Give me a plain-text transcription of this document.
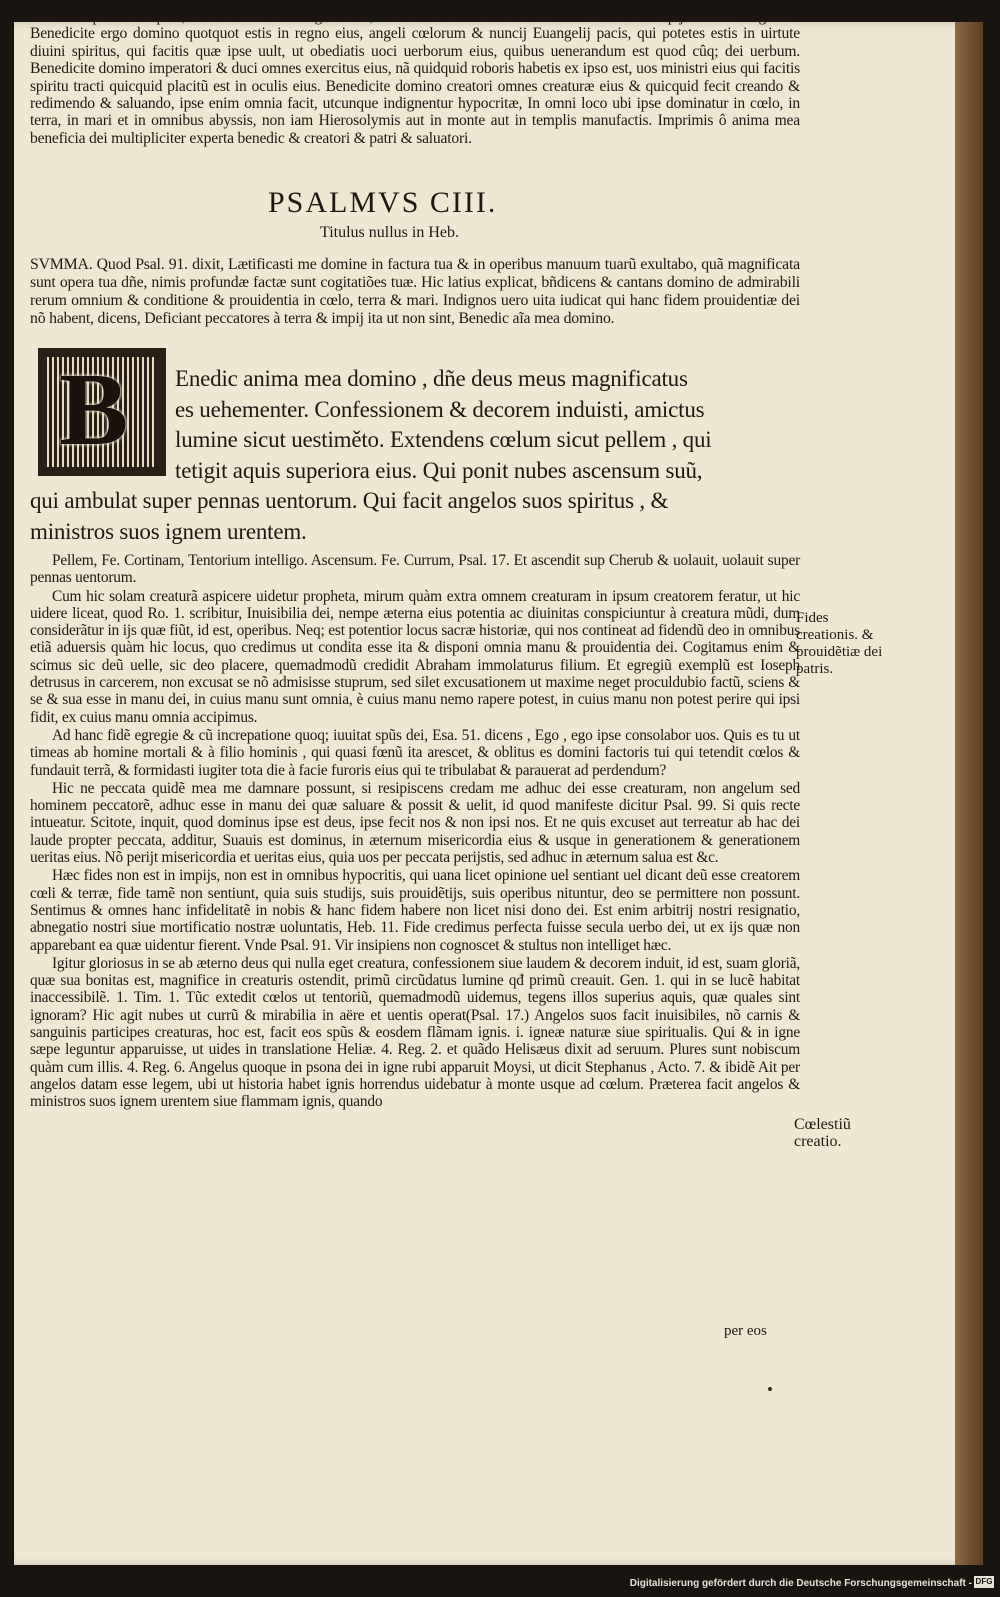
omnes & pios & impios, illos ut iustificet & glorificet, hos ut excæcet & condemnet. Velint nolint impij dominus regnauit. Benedicite ergo domino quotquot estis in regno eius, angeli cœlorum & nuncij Euangelij pacis, qui potetes estis in uirtute diuini spiritus, qui facitis quæ ipse uult, ut obediatis uoci uerborum eius, quibus uenerandum est quod cûq; dei uerbum. Benedicite domino imperatori & duci omnes exercitus eius, nã quidquid roboris habetis ex ipso est, uos ministri eius qui facitis spiritu tracti quicquid placitũ est in oculis eius. Benedicite domino creatori omnes creaturæ eius & quicquid fecit creando & redimendo & saluando, ipse enim omnia facit, utcunque indignentur hypocritæ, In omni loco ubi ipse dominatur in cœlo, in terra, in mari et in omnibus abyssis, non iam Hierosolymis aut in monte aut in templis manufactis. Imprimis ô anima mea beneficia dei multipliciter experta benedic & creatori & patri & saluatori.
PSALMVS CIII.
Titulus nullus in Heb.
SVMMA. Quod Psal. 91. dixit, Lætificasti me domine in factura tua & in operibus manuum tuarũ exultabo, quã magnificata sunt opera tua dñe, nimis profundæ factæ sunt cogitatiões tuæ. Hic latius explicat, bñdicens & cantans domino de admirabili rerum omnium & conditione & prouidentia in cœlo, terra & mari. Indignos uero uita iudicat qui hanc fidem prouidentiæ dei nõ habent, dicens, Deficiant peccatores à terra & impij ita ut non sint, Benedic aĩa mea domino.
B	Enedic anima mea domino , dñe deus meus magnificatus
es uehementer. Confessionem & decorem induisti, amictus
lumine sicut uestiměto. Extendens cœlum sicut pellem , qui
tetigit aquis superiora eius. Qui ponit nubes ascensum suũ,
qui ambulat super pennas uentorum. Qui facit angelos suos spiritus , &
ministros suos ignem urentem.

Pellem, Fe. Cortinam, Tentorium intelligo. Ascensum. Fe. Currum, Psal. 17. Et ascendit sup Cherub & uolauit, uolauit super pennas uentorum.

Cum hic solam creaturã aspicere uidetur propheta, mirum quàm extra omnem creaturam in ipsum creatorem feratur, ut hic uidere liceat, quod Ro. 1. scribitur, Inuisibilia dei, nempe æterna eius potentia ac diuinitas conspiciuntur à creatura mũdi, dum considerãtur in ijs quæ fiũt, id est, operibus. Neq; est potentior locus sacræ historiæ, qui nos contineat ad fidendũ deo in omnibus etiã aduersis quàm hic locus, quo credimus ut condita esse ita & disponi omnia manu & prouidentia dei. Cogitamus enim & scimus sic deũ uelle, sic deo placere, quemadmodũ credidit Abraham immolaturus filium. Et egregiũ exemplũ est Ioseph detrusus in carcerem, non excusat se nõ admisisse stuprum, sed silet excusationem ut maxime neget proculdubio factũ, sciens & se & sua esse in manu dei, in cuius manu sunt omnia, è cuius manu nemo rapere potest, in cuius manu non potest perire qui ipsi fidit, ex cuius manu omnia accipimus.

Ad hanc fidẽ egregie & cũ increpatione quoq; iuuitat spũs dei, Esa. 51. dicens , Ego , ego ipse consolabor uos. Quis es tu ut timeas ab homine mortali & à filio hominis , qui quasi fœnũ ita arescet, & oblitus es domini factoris tui qui tetendit cœlos & fundauit terrã, & formidasti iugiter tota die à facie furoris eius qui te tribulabat & parauerat ad perdendum?

Hic ne peccata quidẽ mea me damnare possunt, si resipiscens credam me adhuc dei esse creaturam, non angelum sed hominem peccatorẽ, adhuc esse in manu dei quæ saluare & possit & uelit, id quod manifeste dicitur Psal. 99. Si quis recte intueatur. Scitote, inquit, quod dominus ipse est deus, ipse fecit nos & non ipsi nos. Et ne quis excuset aut terreatur ab hac dei laude propter peccata, additur, Suauis est dominus, in æternum misericordia eius & usque in generationem & generationem ueritas eius. Nõ perijt misericordia et ueritas eius, quia uos per peccata perijstis, sed adhuc in æternum salua est &c.

Hæc fides non est in impijs, non est in omnibus hypocritis, qui uana licet opinione uel sentiant uel dicant deũ esse creatorem cœli & terræ, fide tamẽ non sentiunt, quia suis studijs, suis prouidẽtijs, suis operibus nituntur, deo se permittere non possunt. Sentimus & omnes hanc infidelitatẽ in nobis & hanc fidem habere non licet nisi dono dei. Est enim arbitrij nostri resignatio, abnegatio nostri siue mortificatio nostræ uoluntatis, Heb. 11. Fide credimus perfecta fuisse secula uerbo dei, ut ex ijs quæ non apparebant ea quæ uidentur fierent. Vnde Psal. 91. Vir insipiens non cognoscet & stultus non intelliget hæc.

Igitur gloriosus in se ab æterno deus qui nulla eget creatura, confessionem siue laudem & decorem induit, id est, suam gloriã, quæ sua bonitas est, magnifice in creaturis ostendit, primũ circũdatus lumine qđ primũ creauit. Gen. 1. qui in se lucẽ habitat inaccessibilẽ. 1. Tim. 1. Tũc extedit cœlos ut tentoriũ, quemadmodũ uidemus, tegens illos superius aquis, quæ quales sint ignoram? Hic agit nubes ut currũ & mirabilia in aëre et uentis operat(Psal. 17.) Angelos suos facit inuisibiles, nõ carnis & sanguinis participes creaturas, hoc est, facit eos spũs & eosdem flãmam ignis. i. igneæ naturæ siue spiritualis. Qui & in igne sæpe leguntur apparuisse, ut uides in translatione Heliæ. 4. Reg. 2. et quãdo Helisæus dixit ad seruum. Plures sunt nobiscum quàm cum illis. 4. Reg. 6. Angelus quoque in psona dei in igne rubi apparuit Moysi, ut dicit Stephanus , Acto. 7. & ibidẽ Ait per angelos datam esse legem, ubi ut historia habet ignis horrendus uidebatur à monte usque ad cœlum. Præterea facit angelos & ministros suos ignem urentem siue flammam ignis, quando

Fides creationis. & prouidẽtiæ dei patris.
Cœlestiũ creatio.
per eos
Digitalisierung gefördert durch die Deutsche Forschungsgemeinschaft - DFG
